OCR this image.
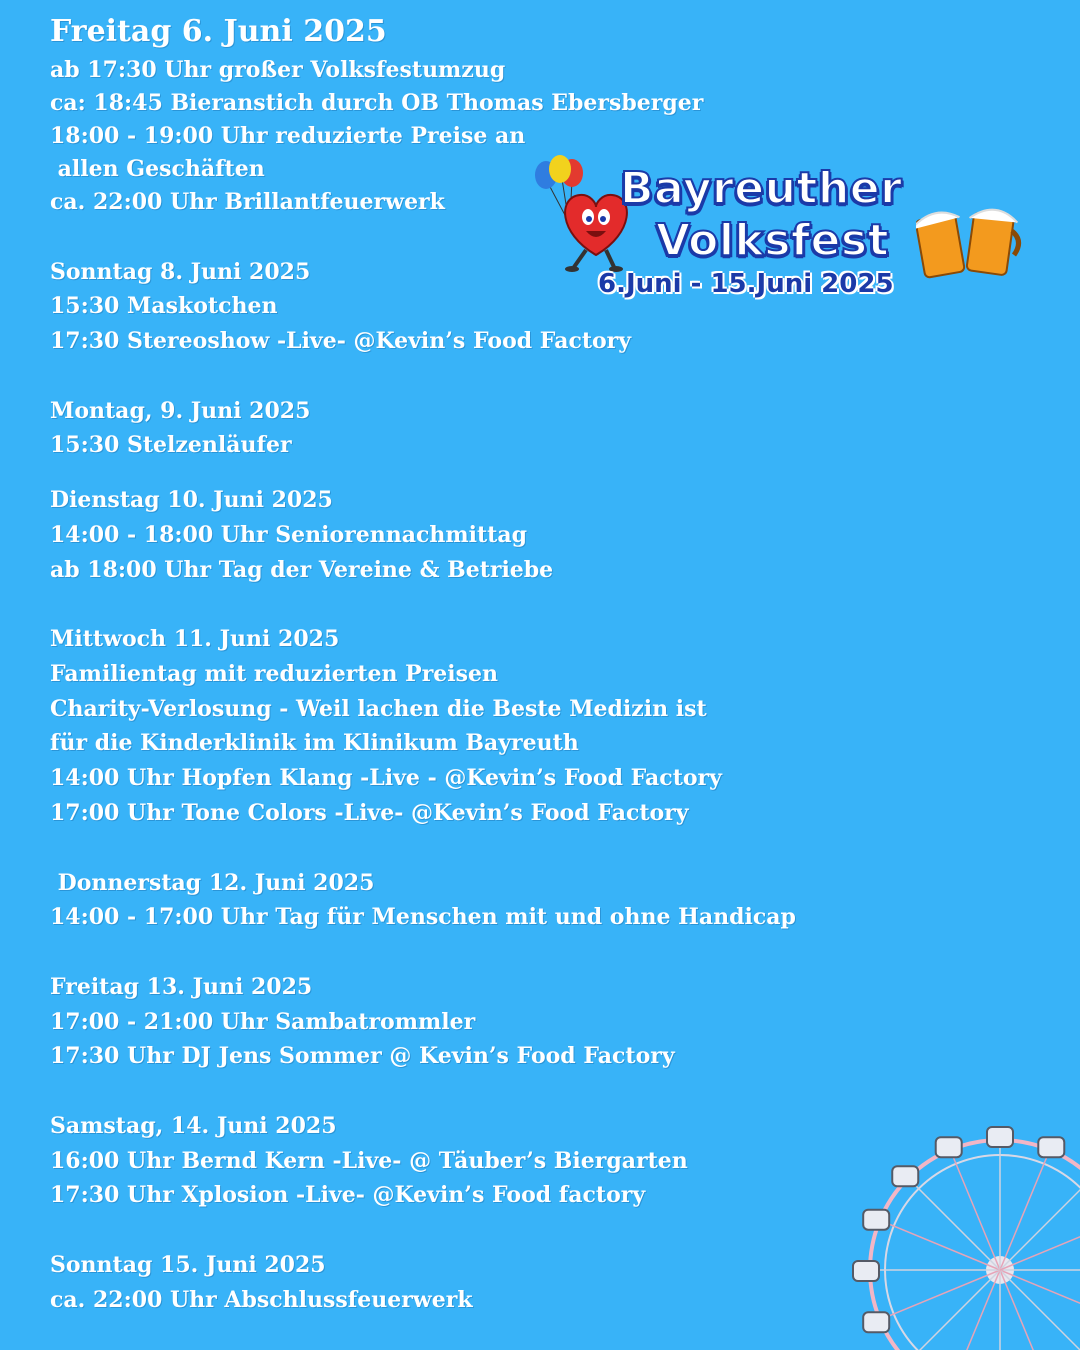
Freitag 6. Juni 2025
ab 17:30 Uhr großer Volksfestumzug
ca: 18:45 Bieranstich durch OB Thomas Ebersberger
18:00 - 19:00 Uhr reduzierte Preise an
allen Geschäften
ca. 22:00 Uhr Brillantfeuerwerk
Sonntag 8. Juni 2025
15:30 Maskotchen
17:30 Stereoshow -Live- @Kevin’s Food Factory
Montag, 9. Juni 2025
15:30 Stelzenläufer
Dienstag 10. Juni 2025
14:00 - 18:00 Uhr Seniorennachmittag
ab 18:00 Uhr Tag der Vereine & Betriebe
Mittwoch 11. Juni 2025
Familientag mit reduzierten Preisen
Charity-Verlosung - Weil lachen die Beste Medizin ist
für die Kinderklinik im Klinikum Bayreuth
14:00 Uhr Hopfen Klang -Live - @Kevin’s Food Factory
17:00 Uhr Tone Colors -Live- @Kevin’s Food Factory
Donnerstag 12. Juni 2025
14:00 - 17:00 Uhr Tag für Menschen mit und ohne Handicap
Freitag 13. Juni 2025
17:00 - 21:00 Uhr Sambatrommler
17:30 Uhr DJ Jens Sommer @ Kevin’s Food Factory
Samstag, 14. Juni 2025
16:00 Uhr Bernd Kern -Live- @ Täuber’s Biergarten
17:30 Uhr Xplosion -Live- @Kevin’s Food factory
Sonntag 15. Juni 2025
ca. 22:00 Uhr Abschlussfeuerwerk
Bayreuther
Volksfest
6.Juni - 15.Juni 2025
